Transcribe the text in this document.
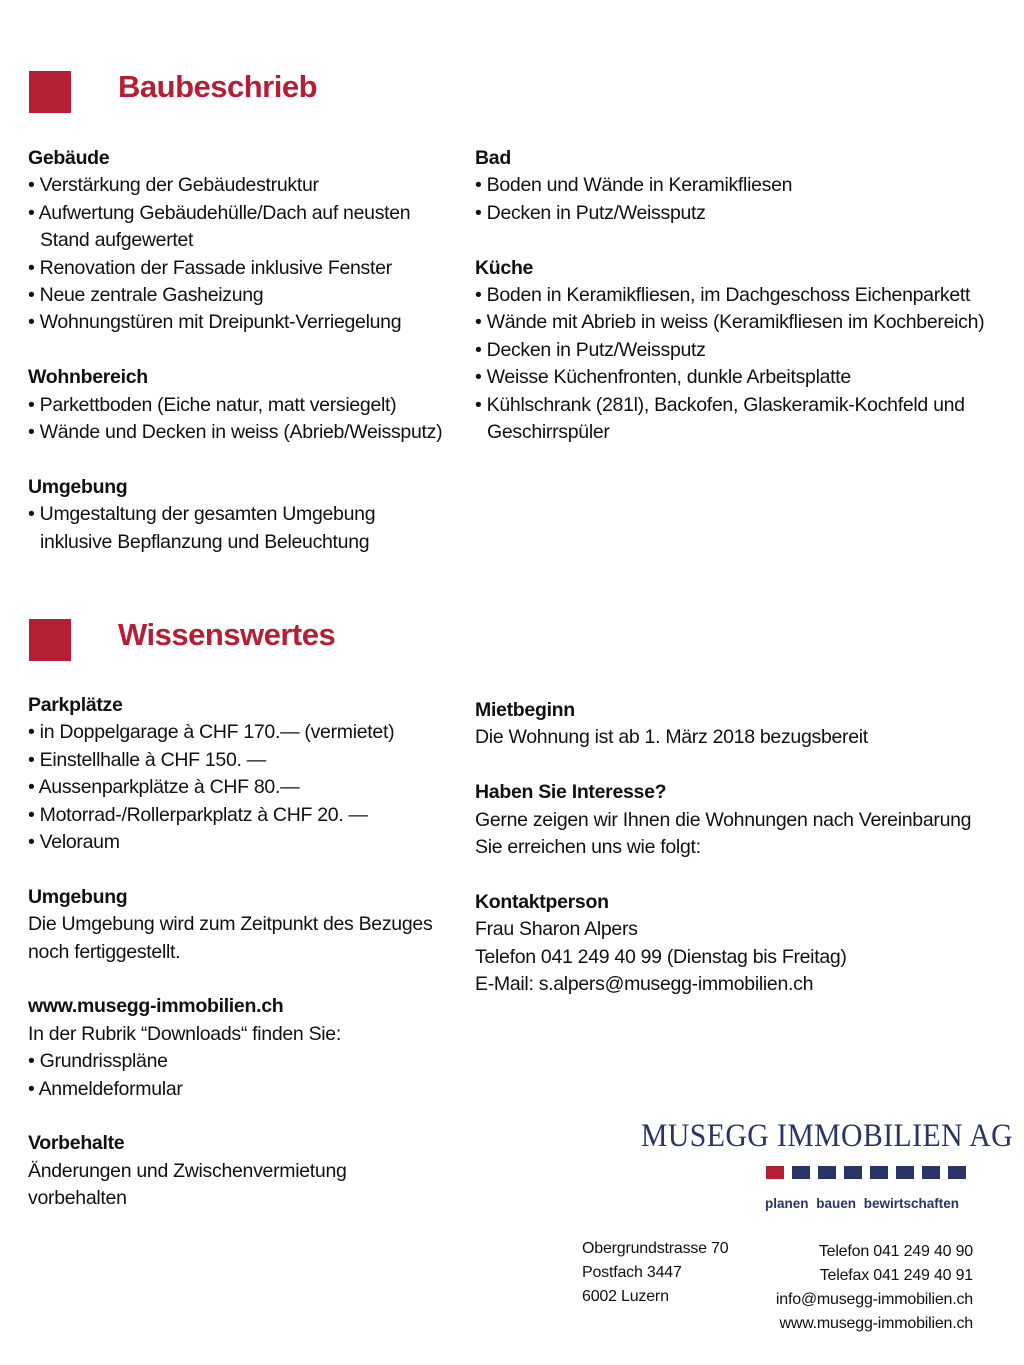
Baubeschrieb
Gebäude
• Verstärkung der Gebäudestruktur
• Aufwertung Gebäudehülle/Dach auf neusten Stand aufgewertet
• Renovation der Fassade inklusive Fenster
• Neue zentrale Gasheizung
• Wohnungstüren mit Dreipunkt-Verriegelung
Wohnbereich
• Parkettboden (Eiche natur, matt versiegelt)
• Wände und Decken in weiss (Abrieb/Weissputz)
Umgebung
• Umgestaltung der gesamten Umgebung inklusive Bepflanzung und Beleuchtung
Bad
• Boden und Wände in Keramikfliesen
• Decken in Putz/Weissputz
Küche
• Boden in Keramikfliesen, im Dachgeschoss Eichenparkett
• Wände mit Abrieb in weiss (Keramikfliesen im Kochbereich)
• Decken in Putz/Weissputz
• Weisse Küchenfronten, dunkle Arbeitsplatte
• Kühlschrank (281l), Backofen, Glaskeramik-Kochfeld und Geschirrspüler
Wissenswertes
Parkplätze
• in Doppelgarage à CHF 170.— (vermietet)
• Einstellhalle à CHF 150. —
• Aussenparkplätze à CHF 80.—
• Motorrad-/Rollerparkplatz à CHF 20. —
• Veloraum
Umgebung
Die Umgebung wird zum Zeitpunkt des Bezuges
noch fertiggestellt.
www.musegg-immobilien.ch
In der Rubrik “Downloads“ finden Sie:
• Grundrisspläne
• Anmeldeformular
Vorbehalte
Änderungen und Zwischenvermietung
vorbehalten
Mietbeginn
Die Wohnung ist ab 1. März 2018 bezugsbereit
Haben Sie Interesse?
Gerne zeigen wir Ihnen die Wohnungen nach Vereinbarung
Sie erreichen uns wie folgt:
Kontaktperson
Frau Sharon Alpers
Telefon 041 249 40 99 (Dienstag bis Freitag)
E-Mail: s.alpers@musegg-immobilien.ch
MUSEGG IMMOBILIEN AG
planen bauen bewirtschaften
Obergrundstrasse 70
Postfach 3447
6002 Luzern
Telefon 041 249 40 90
Telefax 041 249 40 91
info@musegg-immobilien.ch
www.musegg-immobilien.ch
